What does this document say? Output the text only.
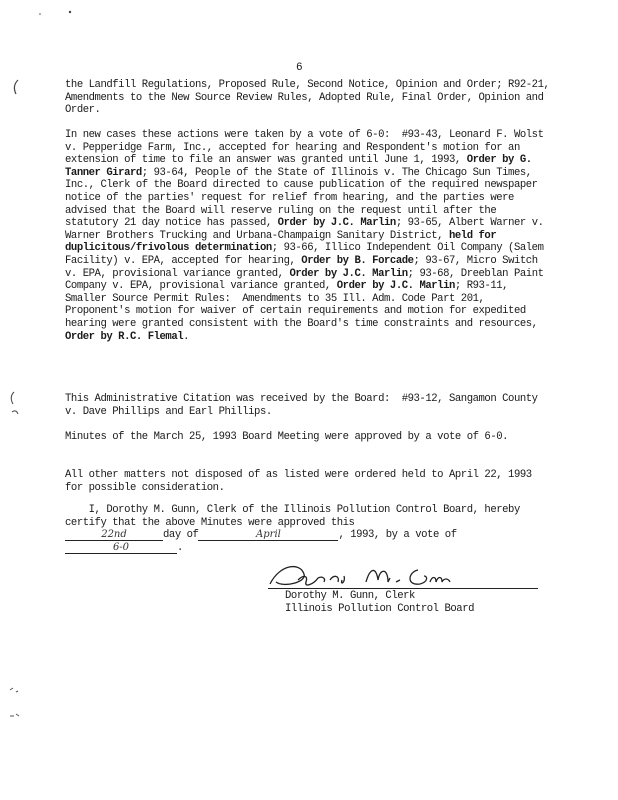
6

the Landfill Regulations, Proposed Rule, Second Notice, Opinion and Order; R92-21, Amendments to the New Source Review Rules, Adopted Rule, Final Order, Opinion and Order.

In new cases these actions were taken by a vote of 6-0:  #93-43, Leonard F. Wolst v. Pepperidge Farm, Inc., accepted for hearing and Respondent's motion for an extension of time to file an answer was granted until June 1, 1993, Order by G. Tanner Girard; 93-64, People of the State of Illinois v. The Chicago Sun Times, Inc., Clerk of the Board directed to cause publication of the required newspaper notice of the parties' request for relief from hearing, and the parties were advised that the Board will reserve ruling on the request until after the statutory 21 day notice has passed, Order by J.C. Marlin; 93-65, Albert Warner v. Warner Brothers Trucking and Urbana-Champaign Sanitary District, held for duplicitous/frivolous determination; 93-66, Illico Independent Oil Company (Salem Facility) v. EPA, accepted for hearing, Order by B. Forcade; 93-67, Micro Switch v. EPA, provisional variance granted, Order by J.C. Marlin; 93-68, Dreeblan Paint Company v. EPA, provisional variance granted, Order by J.C. Marlin; R93-11, Smaller Source Permit Rules:  Amendments to 35 Ill. Adm. Code Part 201, Proponent's motion for waiver of certain requirements and motion for expedited hearing were granted consistent with the Board's time constraints and resources, Order by R.C. Flemal.

This Administrative Citation was received by the Board:  #93-12, Sangamon County v. Dave Phillips and Earl Phillips.

Minutes of the March 25, 1993 Board Meeting were approved by a vote of 6-0.

All other matters not disposed of as listed were ordered held to April 22, 1993 for possible consideration.

I, Dorothy M. Gunn, Clerk of the Illinois Pollution Control Board, hereby certify that the above Minutes were approved this
22nd	day of	April	, 1993, by a vote of
6-0	.

Dorothy M. Gunn, Clerk
Illinois Pollution Control Board
